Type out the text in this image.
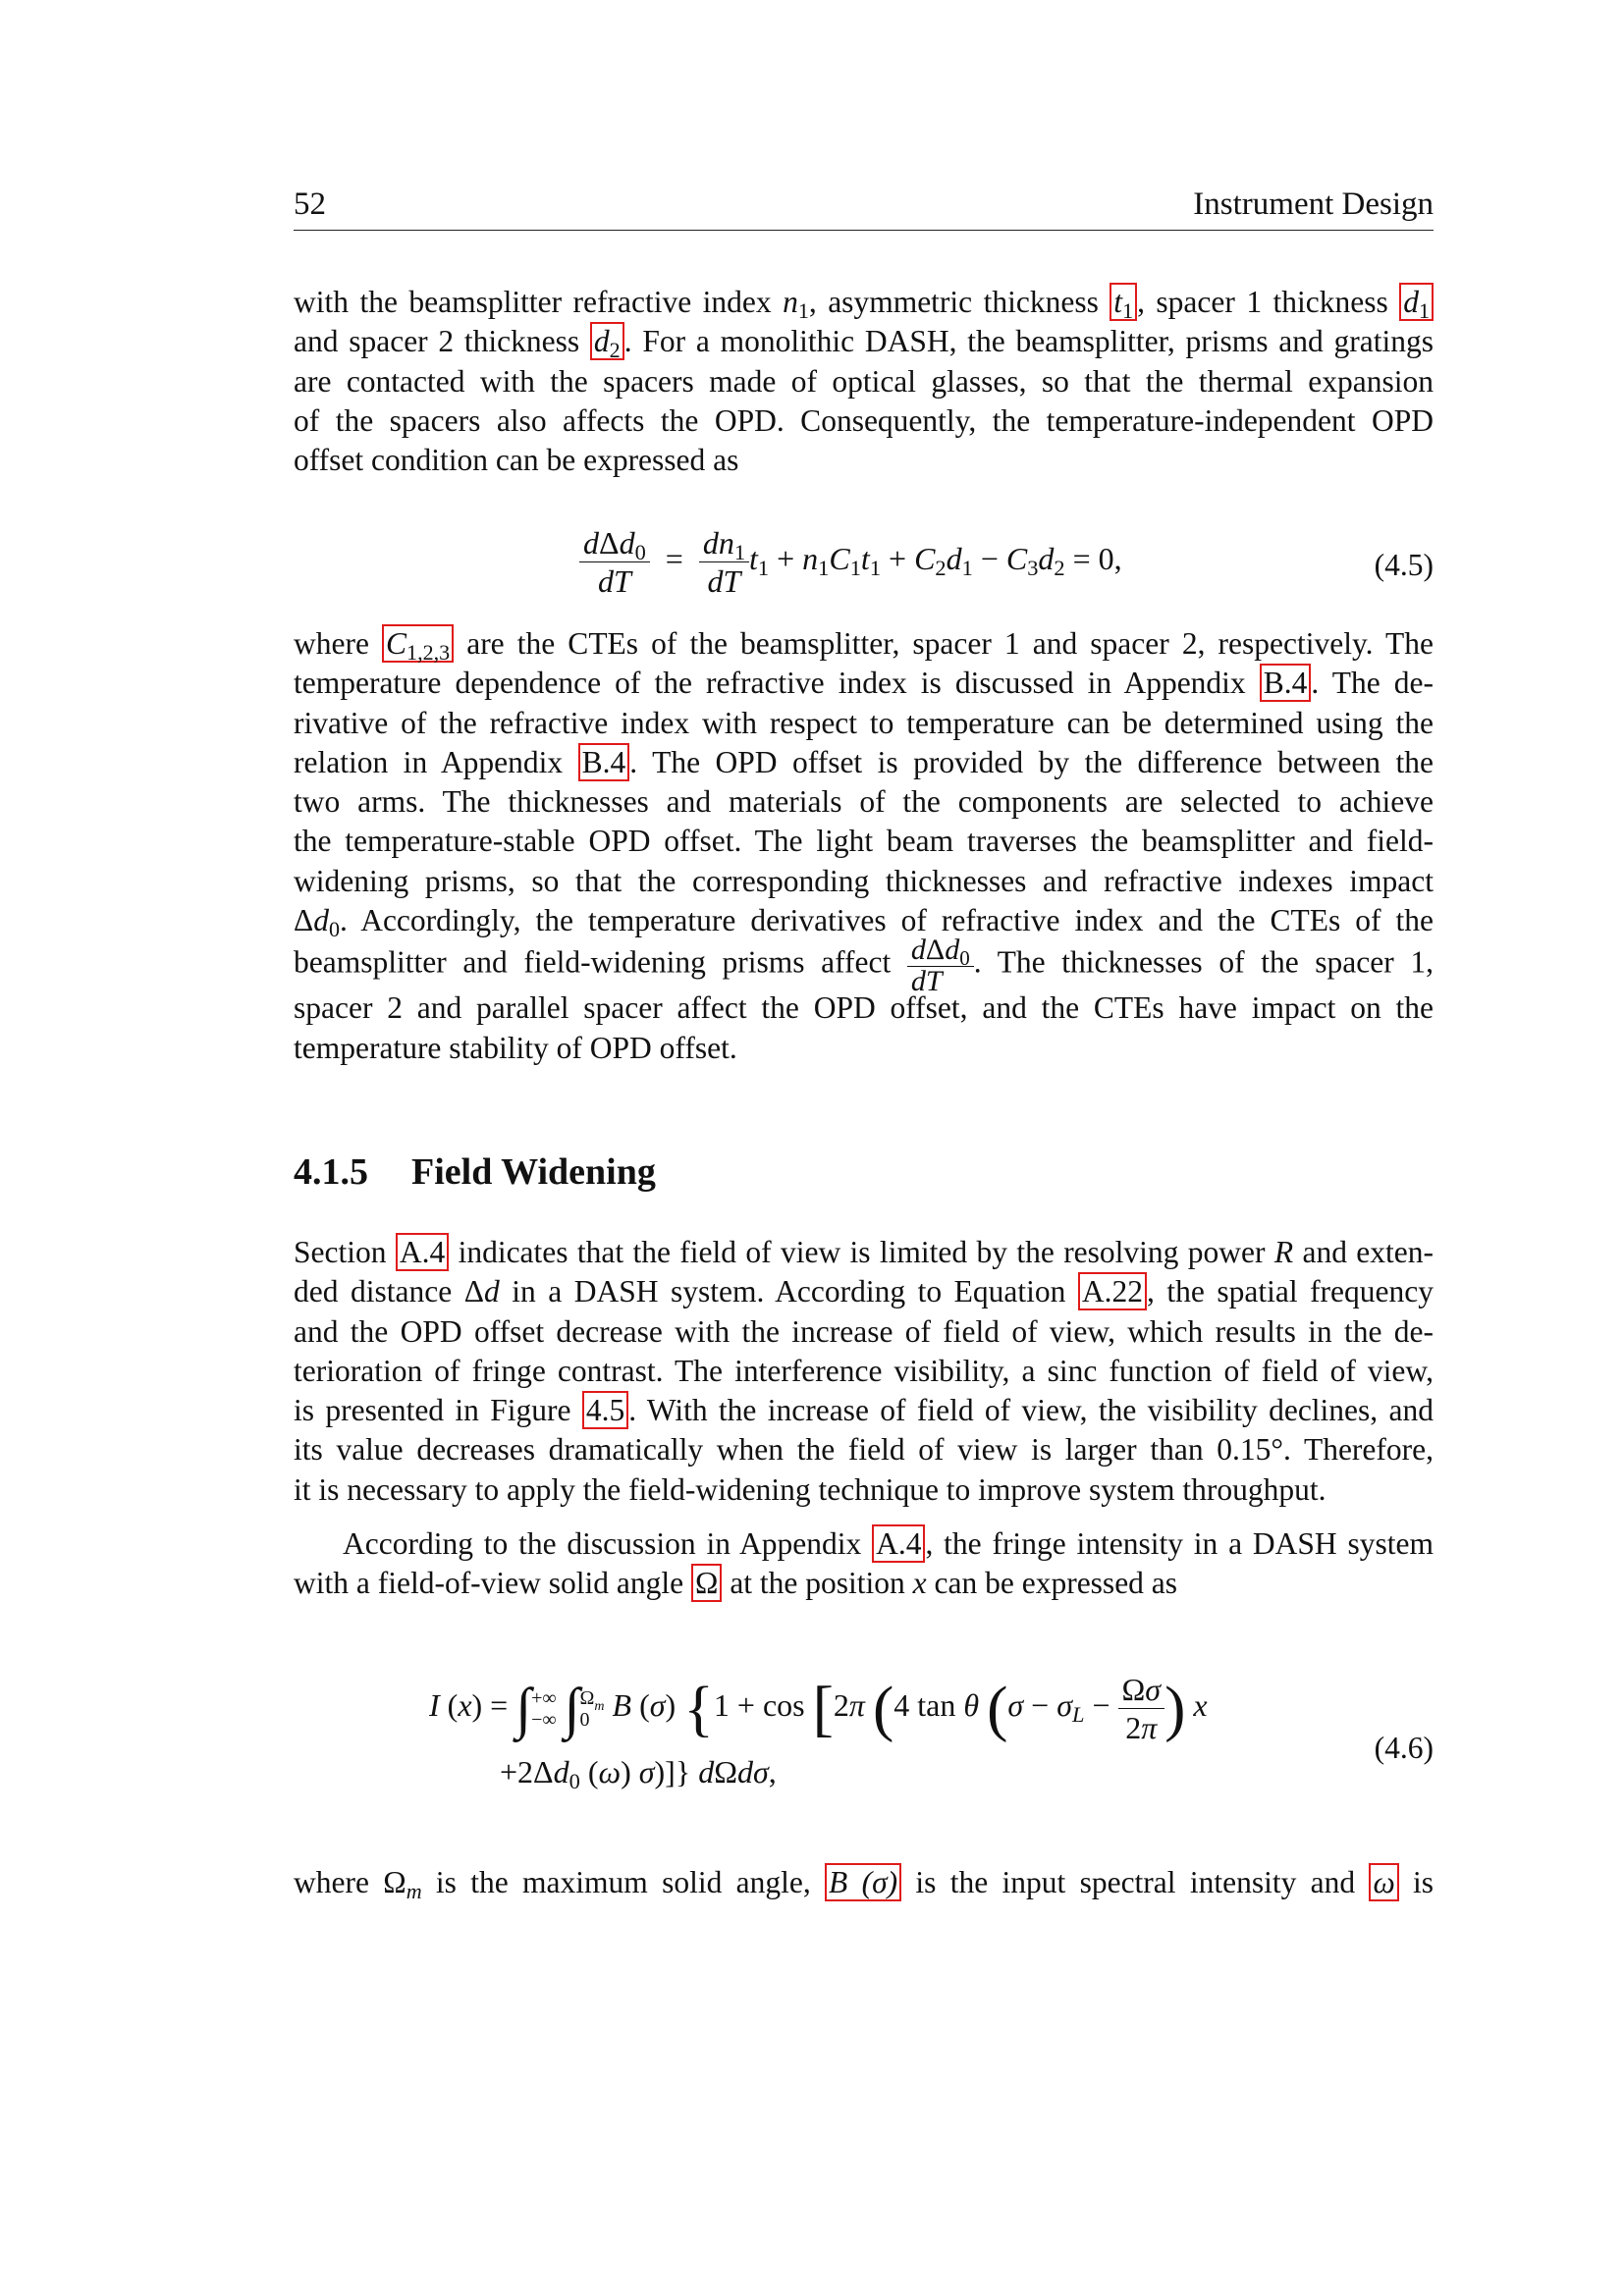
52	Instrument Design
with the beamsplitter refractive index $n_1$, asymmetric thickness $t_1$ , spacer 1 thickness $d_1$
and spacer 2 thickness $d_2$ . For a monolithic DASH, the beamsplitter, prisms and gratings
are contacted with the spacers made of optical glasses, so that the thermal expansion
of the spacers also affects the OPD. Consequently, the temperature-independent OPD
offset condition can be expressed as
$\frac{d\Delta d_0}{dT} = \frac{dn_1}{dT} t_1 + n_1C_1t_1 + C_2d_1 - C_3d_2 = 0$,	(4.5)
where $C_{1,2,3}$ are the CTEs of the beamsplitter, spacer 1 and spacer 2, respectively. The
temperature dependence of the refractive index is discussed in Appendix B.4 . The de-
rivative of the refractive index with respect to temperature can be determined using the
relation in Appendix B.4 . The OPD offset is provided by the difference between the
two arms. The thicknesses and materials of the components are selected to achieve
the temperature-stable OPD offset. The light beam traverses the beamsplitter and field-
widening prisms, so that the corresponding thicknesses and refractive indexes impact
$\Delta d_0$. Accordingly, the temperature derivatives of refractive index and the CTEs of the
beamsplitter and field-widening prisms affect $\frac{d\Delta d_0}{dT}$ . The thicknesses of the spacer 1,
spacer 2 and parallel spacer affect the OPD offset, and the CTEs have impact on the
temperature stability of OPD offset.
4.1.5 Field Widening
Section A.4 indicates that the field of view is limited by the resolving power R and exten-
ded distance Δd in a DASH system. According to Equation A.22 , the spatial frequency
and the OPD offset decrease with the increase of field of view, which results in the de-
terioration of fringe contrast. The interference visibility, a sinc function of field of view,
is presented in Figure 4.5 . With the increase of field of view, the visibility declines, and
its value decreases dramatically when the field of view is larger than 0.15°. Therefore,
it is necessary to apply the field-widening technique to improve system throughput.
According to the discussion in Appendix A.4 , the fringe intensity in a DASH system
with a field-of-view solid angle Ω at the position x can be expressed as
I (x) = ∫ +∞
−∞ ∫ $\Omega_m$
0 B (σ) {1 + cos [2π (4 tan θ ($\sigma - \sigma_L - \frac{\Omega\sigma}{2\pi}$ ) x
$+2\Delta d_0$ (ω) σ)]} dΩdσ,
(4.6)
where $\Omega_m$ is the maximum solid angle, B (σ) is the input spectral intensity and ω is
